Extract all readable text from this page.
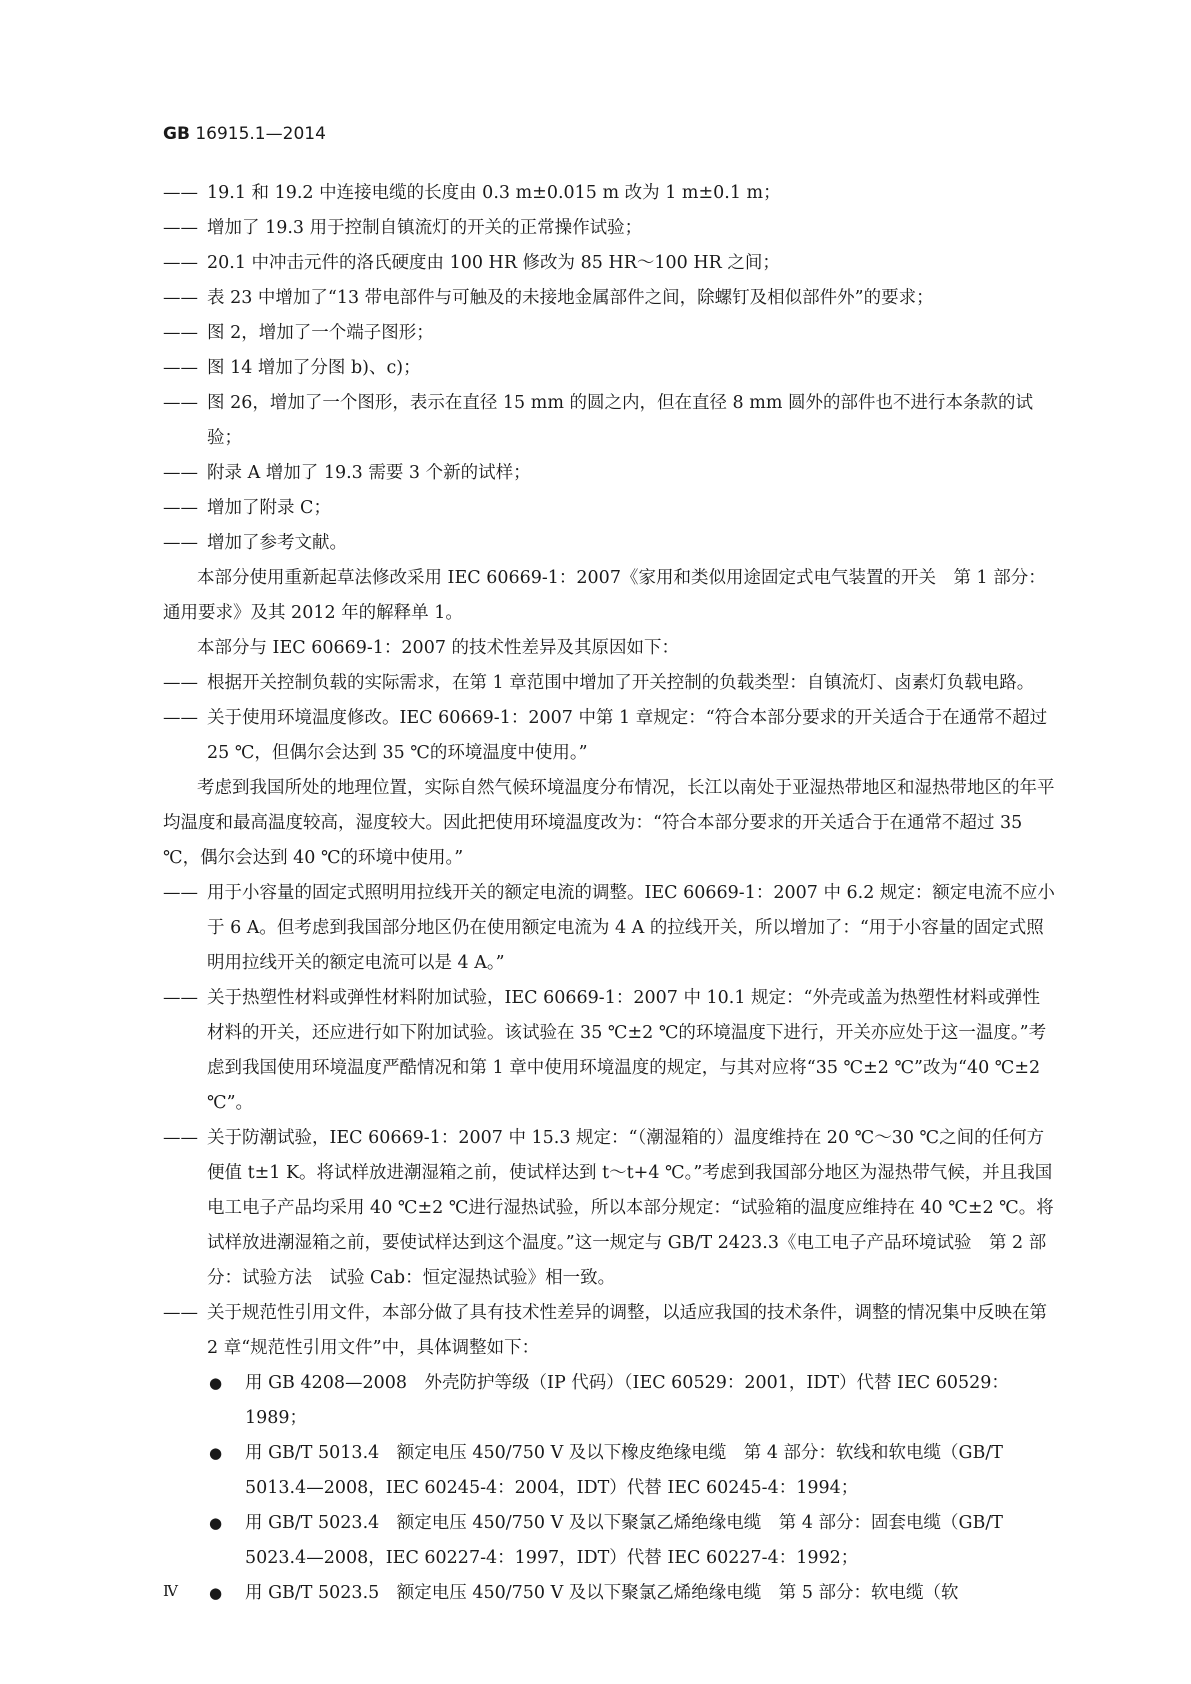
GB 16915.1—2014
—— 19.1 和 19.2 中连接电缆的长度由 0.3 m±0.015 m 改为 1 m±0.1 m；
—— 增加了 19.3 用于控制自镇流灯的开关的正常操作试验；
—— 20.1 中冲击元件的洛氏硬度由 100 HR 修改为 85 HR～100 HR 之间；
—— 表 23 中增加了“13 带电部件与可触及的未接地金属部件之间，除螺钉及相似部件外”的要求；
—— 图 2，增加了一个端子图形；
—— 图 14 增加了分图 b)、c)；
—— 图 26，增加了一个图形，表示在直径 15 mm 的圆之内，但在直径 8 mm 圆外的部件也不进行本条款的试验；
—— 附录 A 增加了 19.3 需要 3 个新的试样；
—— 增加了附录 C；
—— 增加了参考文献。
本部分使用重新起草法修改采用 IEC 60669-1：2007《家用和类似用途固定式电气装置的开关　第 1 部分：通用要求》及其 2012 年的解释单 1。
本部分与 IEC 60669-1：2007 的技术性差异及其原因如下：
—— 根据开关控制负载的实际需求，在第 1 章范围中增加了开关控制的负载类型：自镇流灯、卤素灯负载电路。
—— 关于使用环境温度修改。IEC 60669-1：2007 中第 1 章规定：“符合本部分要求的开关适合于在通常不超过 25 ℃，但偶尔会达到 35 ℃的环境温度中使用。”
考虑到我国所处的地理位置，实际自然气候环境温度分布情况，长江以南处于亚湿热带地区和湿热带地区的年平均温度和最高温度较高，湿度较大。因此把使用环境温度改为：“符合本部分要求的开关适合于在通常不超过 35 ℃，偶尔会达到 40 ℃的环境中使用。”
—— 用于小容量的固定式照明用拉线开关的额定电流的调整。IEC 60669-1：2007 中 6.2 规定：额定电流不应小于 6 A。但考虑到我国部分地区仍在使用额定电流为 4 A 的拉线开关，所以增加了：“用于小容量的固定式照明用拉线开关的额定电流可以是 4 A。”
—— 关于热塑性材料或弹性材料附加试验，IEC 60669-1：2007 中 10.1 规定：“外壳或盖为热塑性材料或弹性材料的开关，还应进行如下附加试验。该试验在 35 ℃±2 ℃的环境温度下进行，开关亦应处于这一温度。”考虑到我国使用环境温度严酷情况和第 1 章中使用环境温度的规定，与其对应将“35 ℃±2 ℃”改为“40 ℃±2 ℃”。
—— 关于防潮试验，IEC 60669-1：2007 中 15.3 规定：“（潮湿箱的）温度维持在 20 ℃～30 ℃之间的任何方便值 t±1 K。将试样放进潮湿箱之前，使试样达到 t～t+4 ℃。”考虑到我国部分地区为湿热带气候，并且我国电工电子产品均采用 40 ℃±2 ℃进行湿热试验，所以本部分规定：“试验箱的温度应维持在 40 ℃±2 ℃。将试样放进潮湿箱之前，要使试样达到这个温度。”这一规定与 GB/T 2423.3《电工电子产品环境试验　第 2 部分：试验方法　试验 Cab：恒定湿热试验》相一致。
—— 关于规范性引用文件，本部分做了具有技术性差异的调整，以适应我国的技术条件，调整的情况集中反映在第 2 章“规范性引用文件”中，具体调整如下：
●	用 GB 4208—2008　外壳防护等级（IP 代码）（IEC 60529：2001，IDT）代替 IEC 60529：1989；
●	用 GB/T 5013.4　额定电压 450/750 V 及以下橡皮绝缘电缆　第 4 部分：软线和软电缆（GB/T 5013.4—2008，IEC 60245-4：2004，IDT）代替 IEC 60245-4：1994；
●	用 GB/T 5023.4　额定电压 450/750 V 及以下聚氯乙烯绝缘电缆　第 4 部分：固套电缆（GB/T 5023.4—2008，IEC 60227-4：1997，IDT）代替 IEC 60227-4：1992；
●	用 GB/T 5023.5　额定电压 450/750 V 及以下聚氯乙烯绝缘电缆　第 5 部分：软电缆（软
Ⅳ
